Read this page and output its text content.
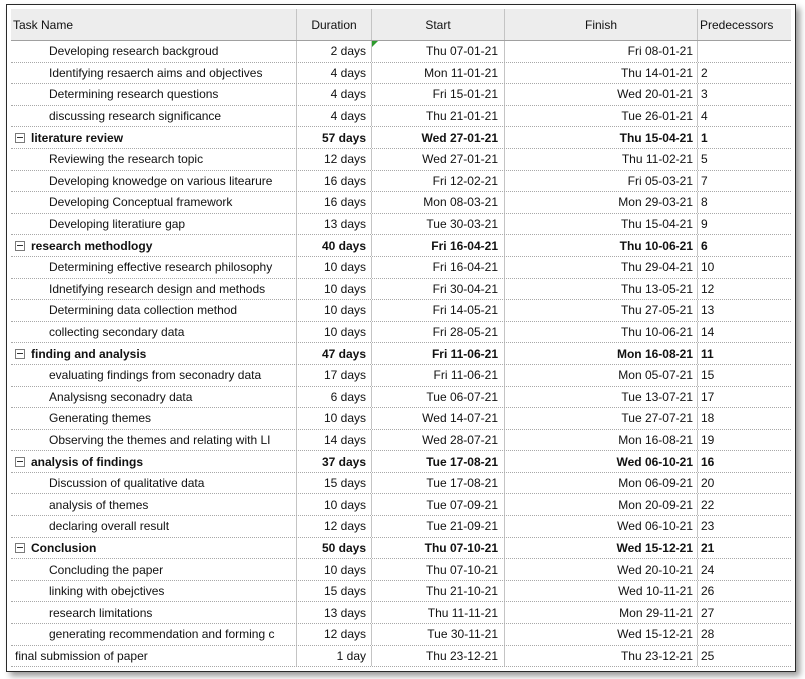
Task Name	Duration	Start	Finish	Predecessors
Developing research backgroud	2 days	Thu 07-01-21	Fri 08-01-21
Identifying resaerch aims and objectives	4 days	Mon 11-01-21	Thu 14-01-21 2
Determining research questions	4 days	Fri 15-01-21	Wed 20-01-21 3
discussing research significance	4 days	Thu 21-01-21	Tue 26-01-21 4
literature review	57 days	Wed 27-01-21	Thu 15-04-21 1
Reviewing the research topic	12 days	Wed 27-01-21	Thu 11-02-21 5
Developing knowedge on various litearure	16 days	Fri 12-02-21	Fri 05-03-21 7
Developing Conceptual framework	16 days	Mon 08-03-21	Mon 29-03-21 8
Developing literatiure gap	13 days	Tue 30-03-21	Thu 15-04-21 9
research methodlogy	40 days	Fri 16-04-21	Thu 10-06-21 6
Determining effective research philosophy	10 days	Fri 16-04-21	Thu 29-04-21 10
Idnetifying research design and methods	10 days	Fri 30-04-21	Thu 13-05-21 12
Determining data collection method	10 days	Fri 14-05-21	Thu 27-05-21 13
collecting secondary data	10 days	Fri 28-05-21	Thu 10-06-21 14
finding and analysis	47 days	Fri 11-06-21	Mon 16-08-21 11
evaluating findings from seconadry data	17 days	Fri 11-06-21	Mon 05-07-21 15
Analysisng seconadry data	6 days	Tue 06-07-21	Tue 13-07-21 17
Generating themes	10 days	Wed 14-07-21	Tue 27-07-21 18
Observing the themes and relating with LI	14 days	Wed 28-07-21	Mon 16-08-21 19
analysis of findings	37 days	Tue 17-08-21	Wed 06-10-21 16
Discussion of qualitative data	15 days	Tue 17-08-21	Mon 06-09-21 20
analysis of themes	10 days	Tue 07-09-21	Mon 20-09-21 22
declaring overall result	12 days	Tue 21-09-21	Wed 06-10-21 23
Conclusion	50 days	Thu 07-10-21	Wed 15-12-21 21
Concluding the paper	10 days	Thu 07-10-21	Wed 20-10-21 24
linking with obejctives	15 days	Thu 21-10-21	Wed 10-11-21 26
research limitations	13 days	Thu 11-11-21	Mon 29-11-21 27
generating recommendation and forming c	12 days	Tue 30-11-21	Wed 15-12-21 28
final submission of paper	1 day	Thu 23-12-21	Thu 23-12-21 25
